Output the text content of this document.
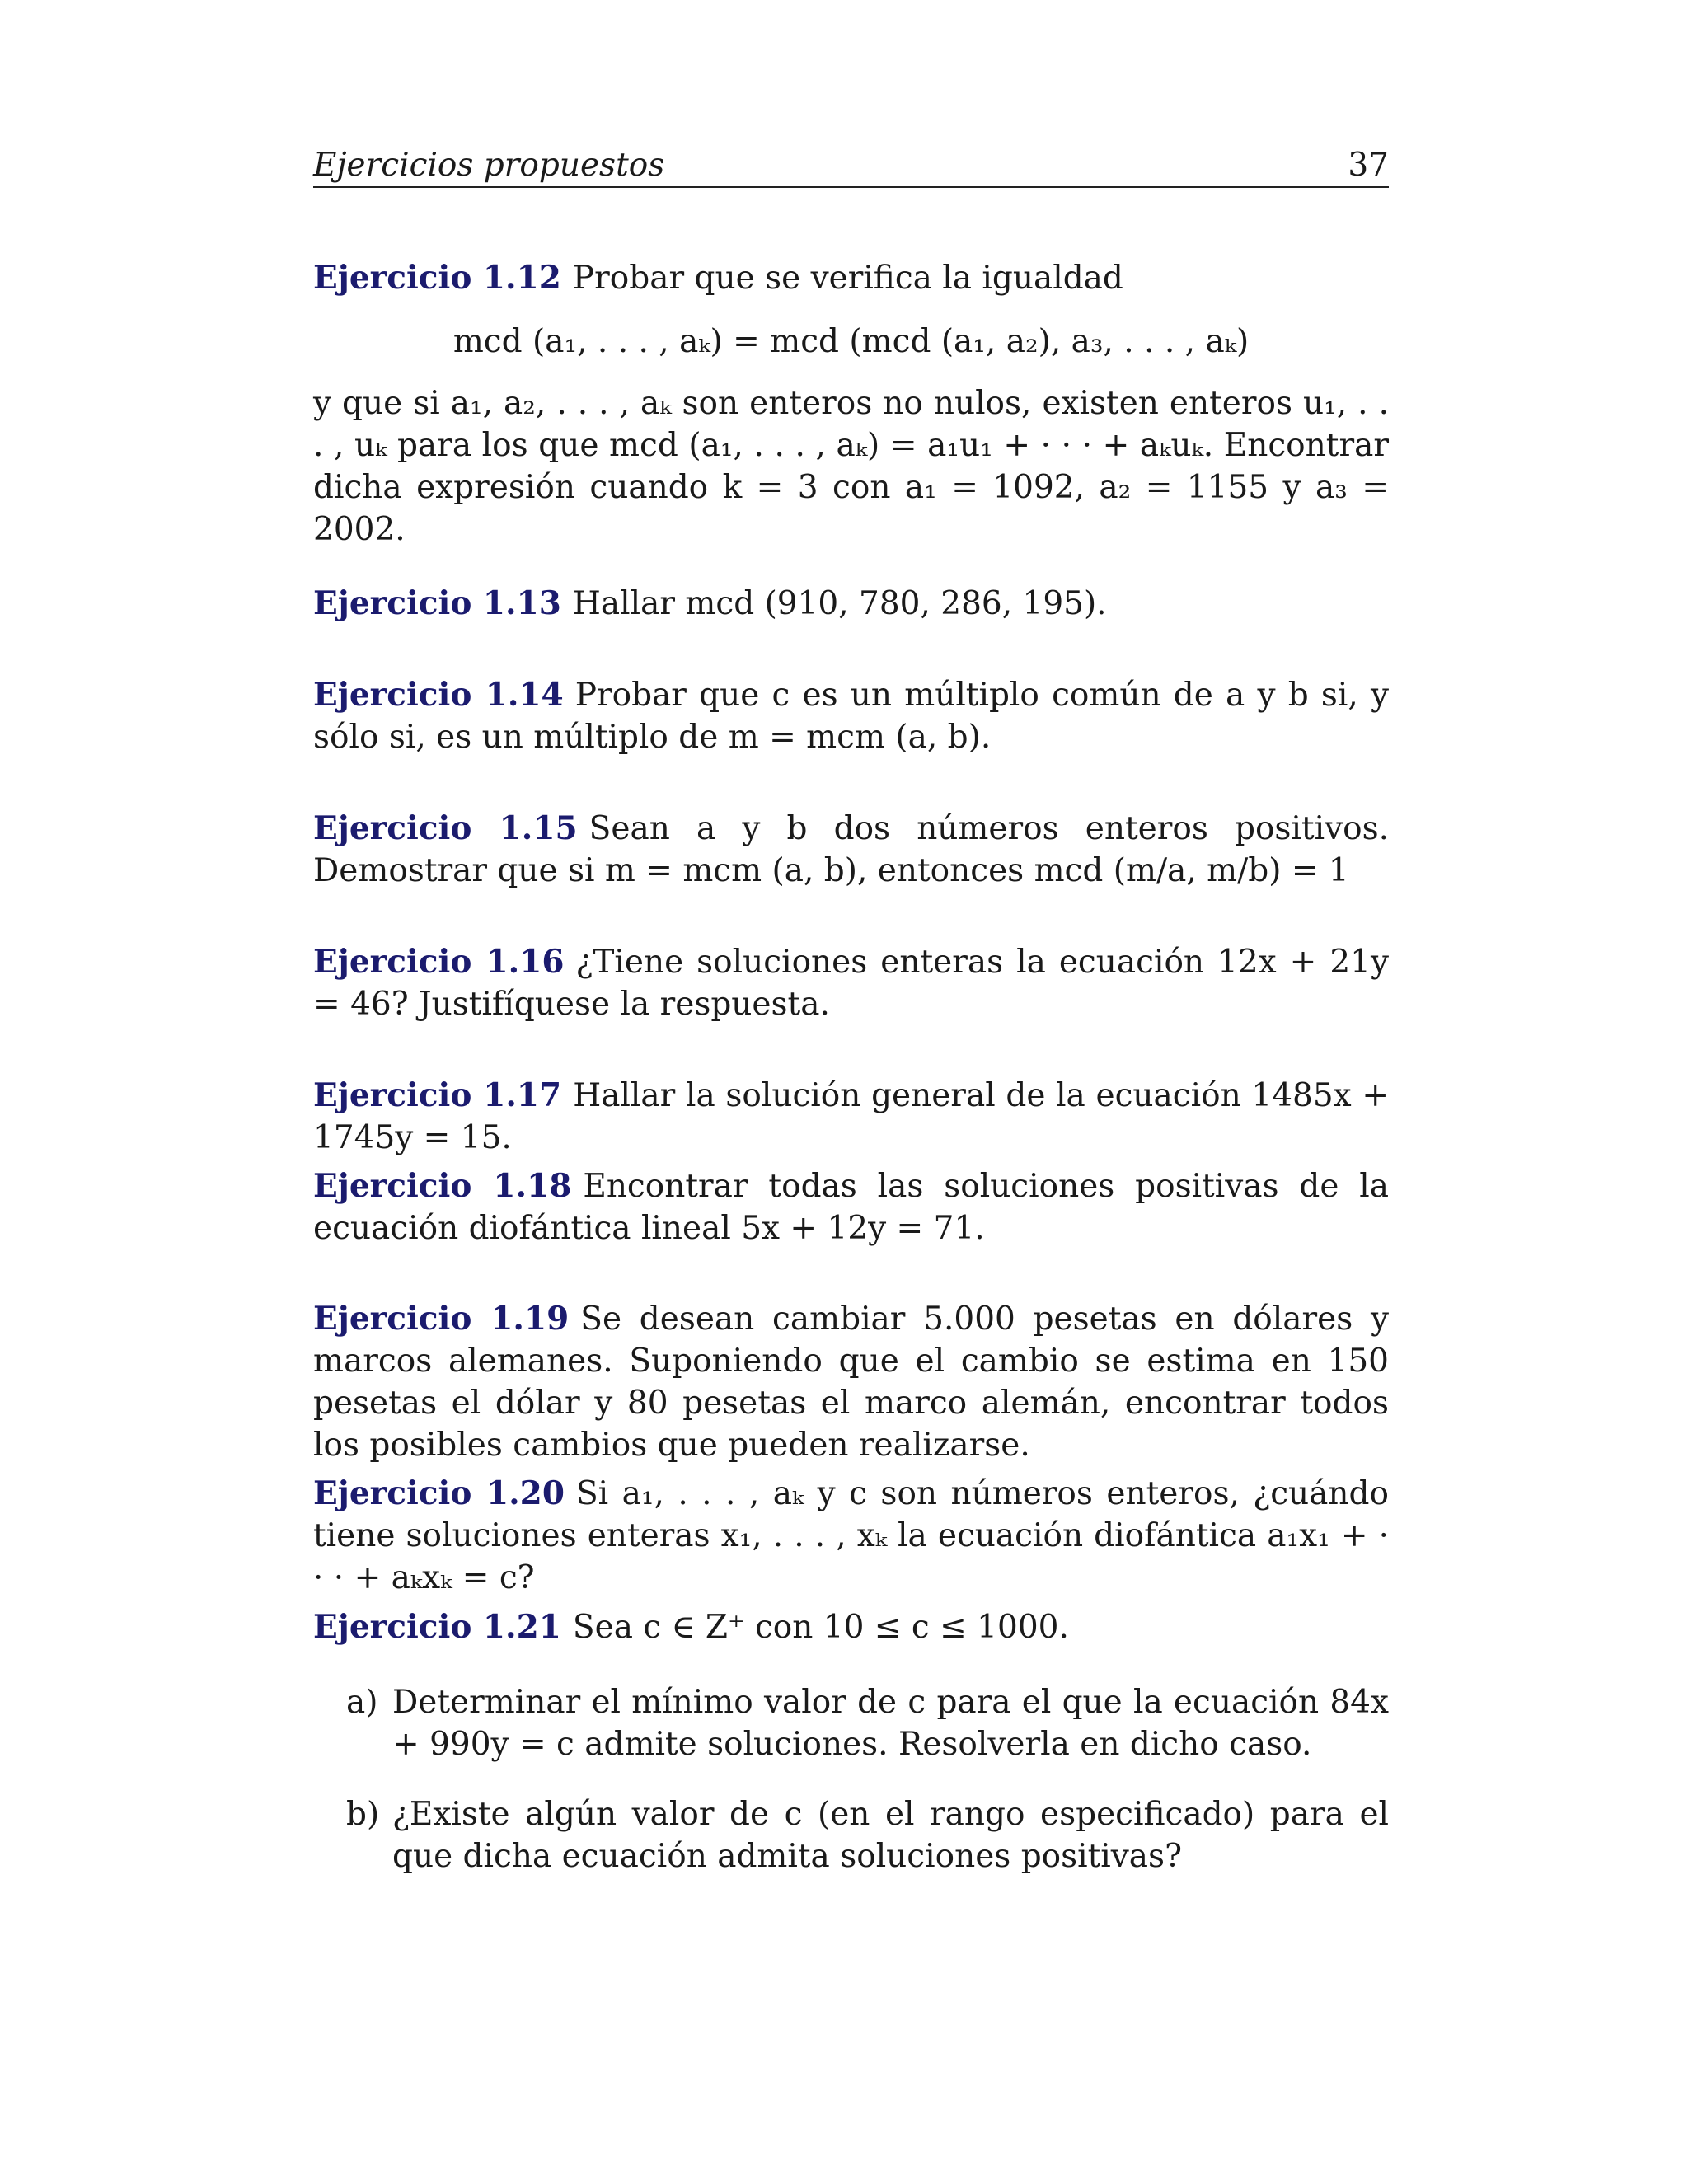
Ejercicios propuestos	37
Ejercicio 1.12 Probar que se verifica la igualdad
mcd (a₁, . . . , aₖ) = mcd (mcd (a₁, a₂), a₃, . . . , aₖ)
y que si a₁, a₂, . . . , aₖ son enteros no nulos, existen enteros u₁, . . . , uₖ para los que mcd (a₁, . . . , aₖ) = a₁u₁ + · · · + aₖuₖ. Encontrar dicha expresión cuando k = 3 con a₁ = 1092, a₂ = 1155 y a₃ = 2002.
Ejercicio 1.13 Hallar mcd (910, 780, 286, 195).
Ejercicio 1.14 Probar que c es un múltiplo común de a y b si, y sólo si, es un múltiplo de m = mcm (a, b).
Ejercicio 1.15 Sean a y b dos números enteros positivos. Demostrar que si m = mcm (a, b), entonces mcd (m/a, m/b) = 1
Ejercicio 1.16 ¿Tiene soluciones enteras la ecuación 12x + 21y = 46? Justifíquese la respuesta.
Ejercicio 1.17 Hallar la solución general de la ecuación 1485x + 1745y = 15.
Ejercicio 1.18 Encontrar todas las soluciones positivas de la ecuación diofántica lineal 5x + 12y = 71.
Ejercicio 1.19 Se desean cambiar 5.000 pesetas en dólares y marcos alemanes. Suponiendo que el cambio se estima en 150 pesetas el dólar y 80 pesetas el marco alemán, encontrar todos los posibles cambios que pueden realizarse.
Ejercicio 1.20 Si a₁, . . . , aₖ y c son números enteros, ¿cuándo tiene soluciones enteras x₁, . . . , xₖ la ecuación diofántica a₁x₁ + · · · + aₖxₖ = c?
Ejercicio 1.21 Sea c ∈ Z⁺ con 10 ≤ c ≤ 1000.
a) Determinar el mínimo valor de c para el que la ecuación 84x + 990y = c admite soluciones. Resolverla en dicho caso.
b) ¿Existe algún valor de c (en el rango especificado) para el que dicha ecuación admita soluciones positivas?
